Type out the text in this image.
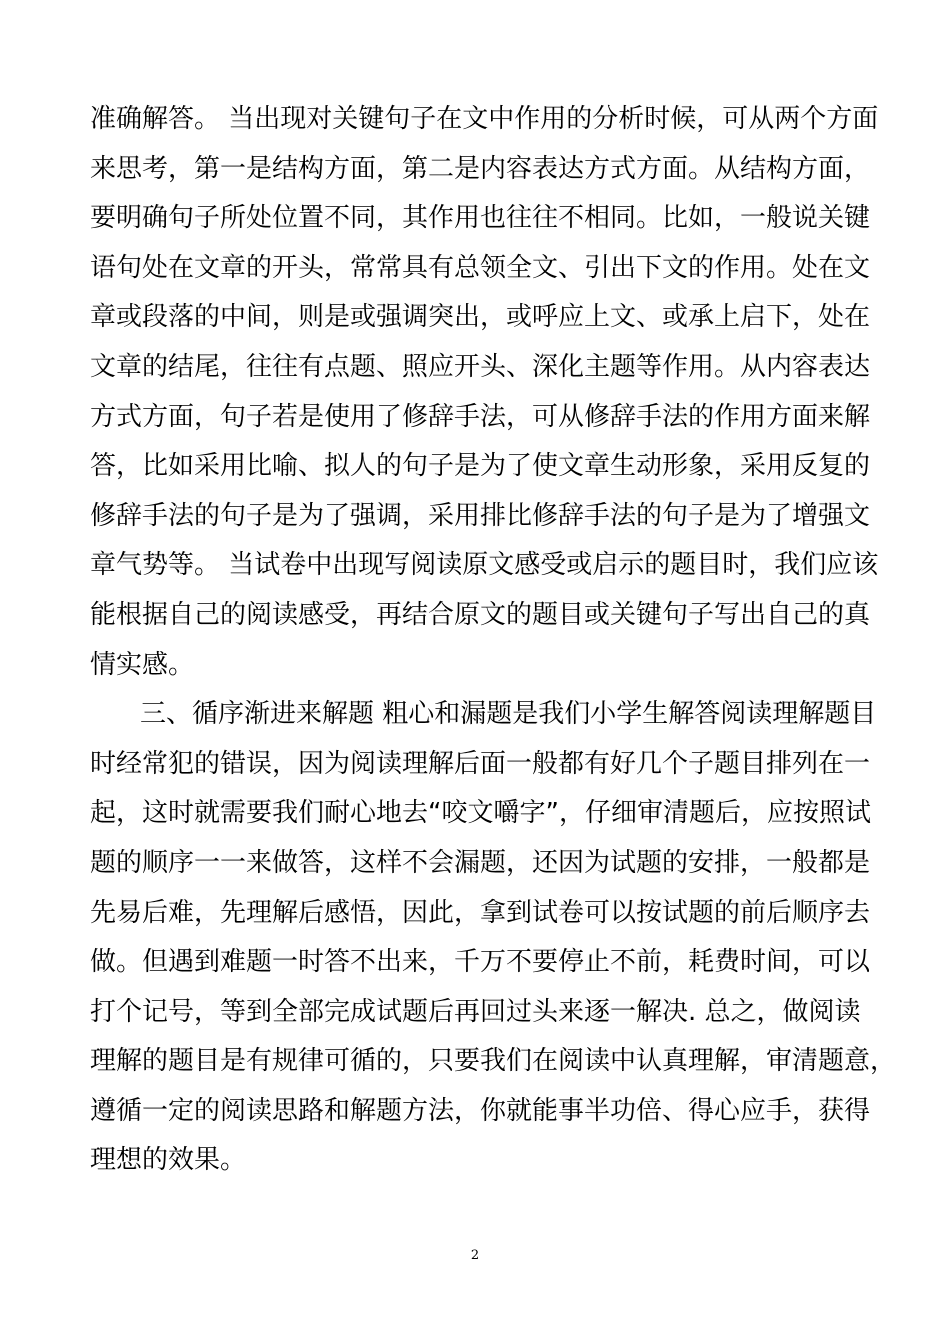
准确解答。 当出现对关键句子在文中作用的分析时候，可从两个方面
来思考，第一是结构方面，第二是内容表达方式方面。从结构方面，
要明确句子所处位置不同，其作用也往往不相同。比如，一般说关键
语句处在文章的开头，常常具有总领全文、引出下文的作用。处在文
章或段落的中间，则是或强调突出，或呼应上文、或承上启下，处在
文章的结尾，往往有点题、照应开头、深化主题等作用。从内容表达
方式方面，句子若是使用了修辞手法，可从修辞手法的作用方面来解
答，比如采用比喻、拟人的句子是为了使文章生动形象，采用反复的
修辞手法的句子是为了强调，采用排比修辞手法的句子是为了增强文
章气势等。 当试卷中出现写阅读原文感受或启示的题目时，我们应该
能根据自己的阅读感受，再结合原文的题目或关键句子写出自己的真
情实感。
三、循序渐进来解题 粗心和漏题是我们小学生解答阅读理解题目
时经常犯的错误，因为阅读理解后面一般都有好几个子题目排列在一
起，这时就需要我们耐心地去“咬文嚼字”，仔细审清题后，应按照试
题的顺序一一来做答，这样不会漏题，还因为试题的安排，一般都是
先易后难，先理解后感悟，因此，拿到试卷可以按试题的前后顺序去
做。但遇到难题一时答不出来，千万不要停止不前，耗费时间，可以
打个记号，等到全部完成试题后再回过头来逐一解决. 总之，做阅读
理解的题目是有规律可循的，只要我们在阅读中认真理解，审清题意，
遵循一定的阅读思路和解题方法，你就能事半功倍、得心应手，获得
理想的效果。
2
